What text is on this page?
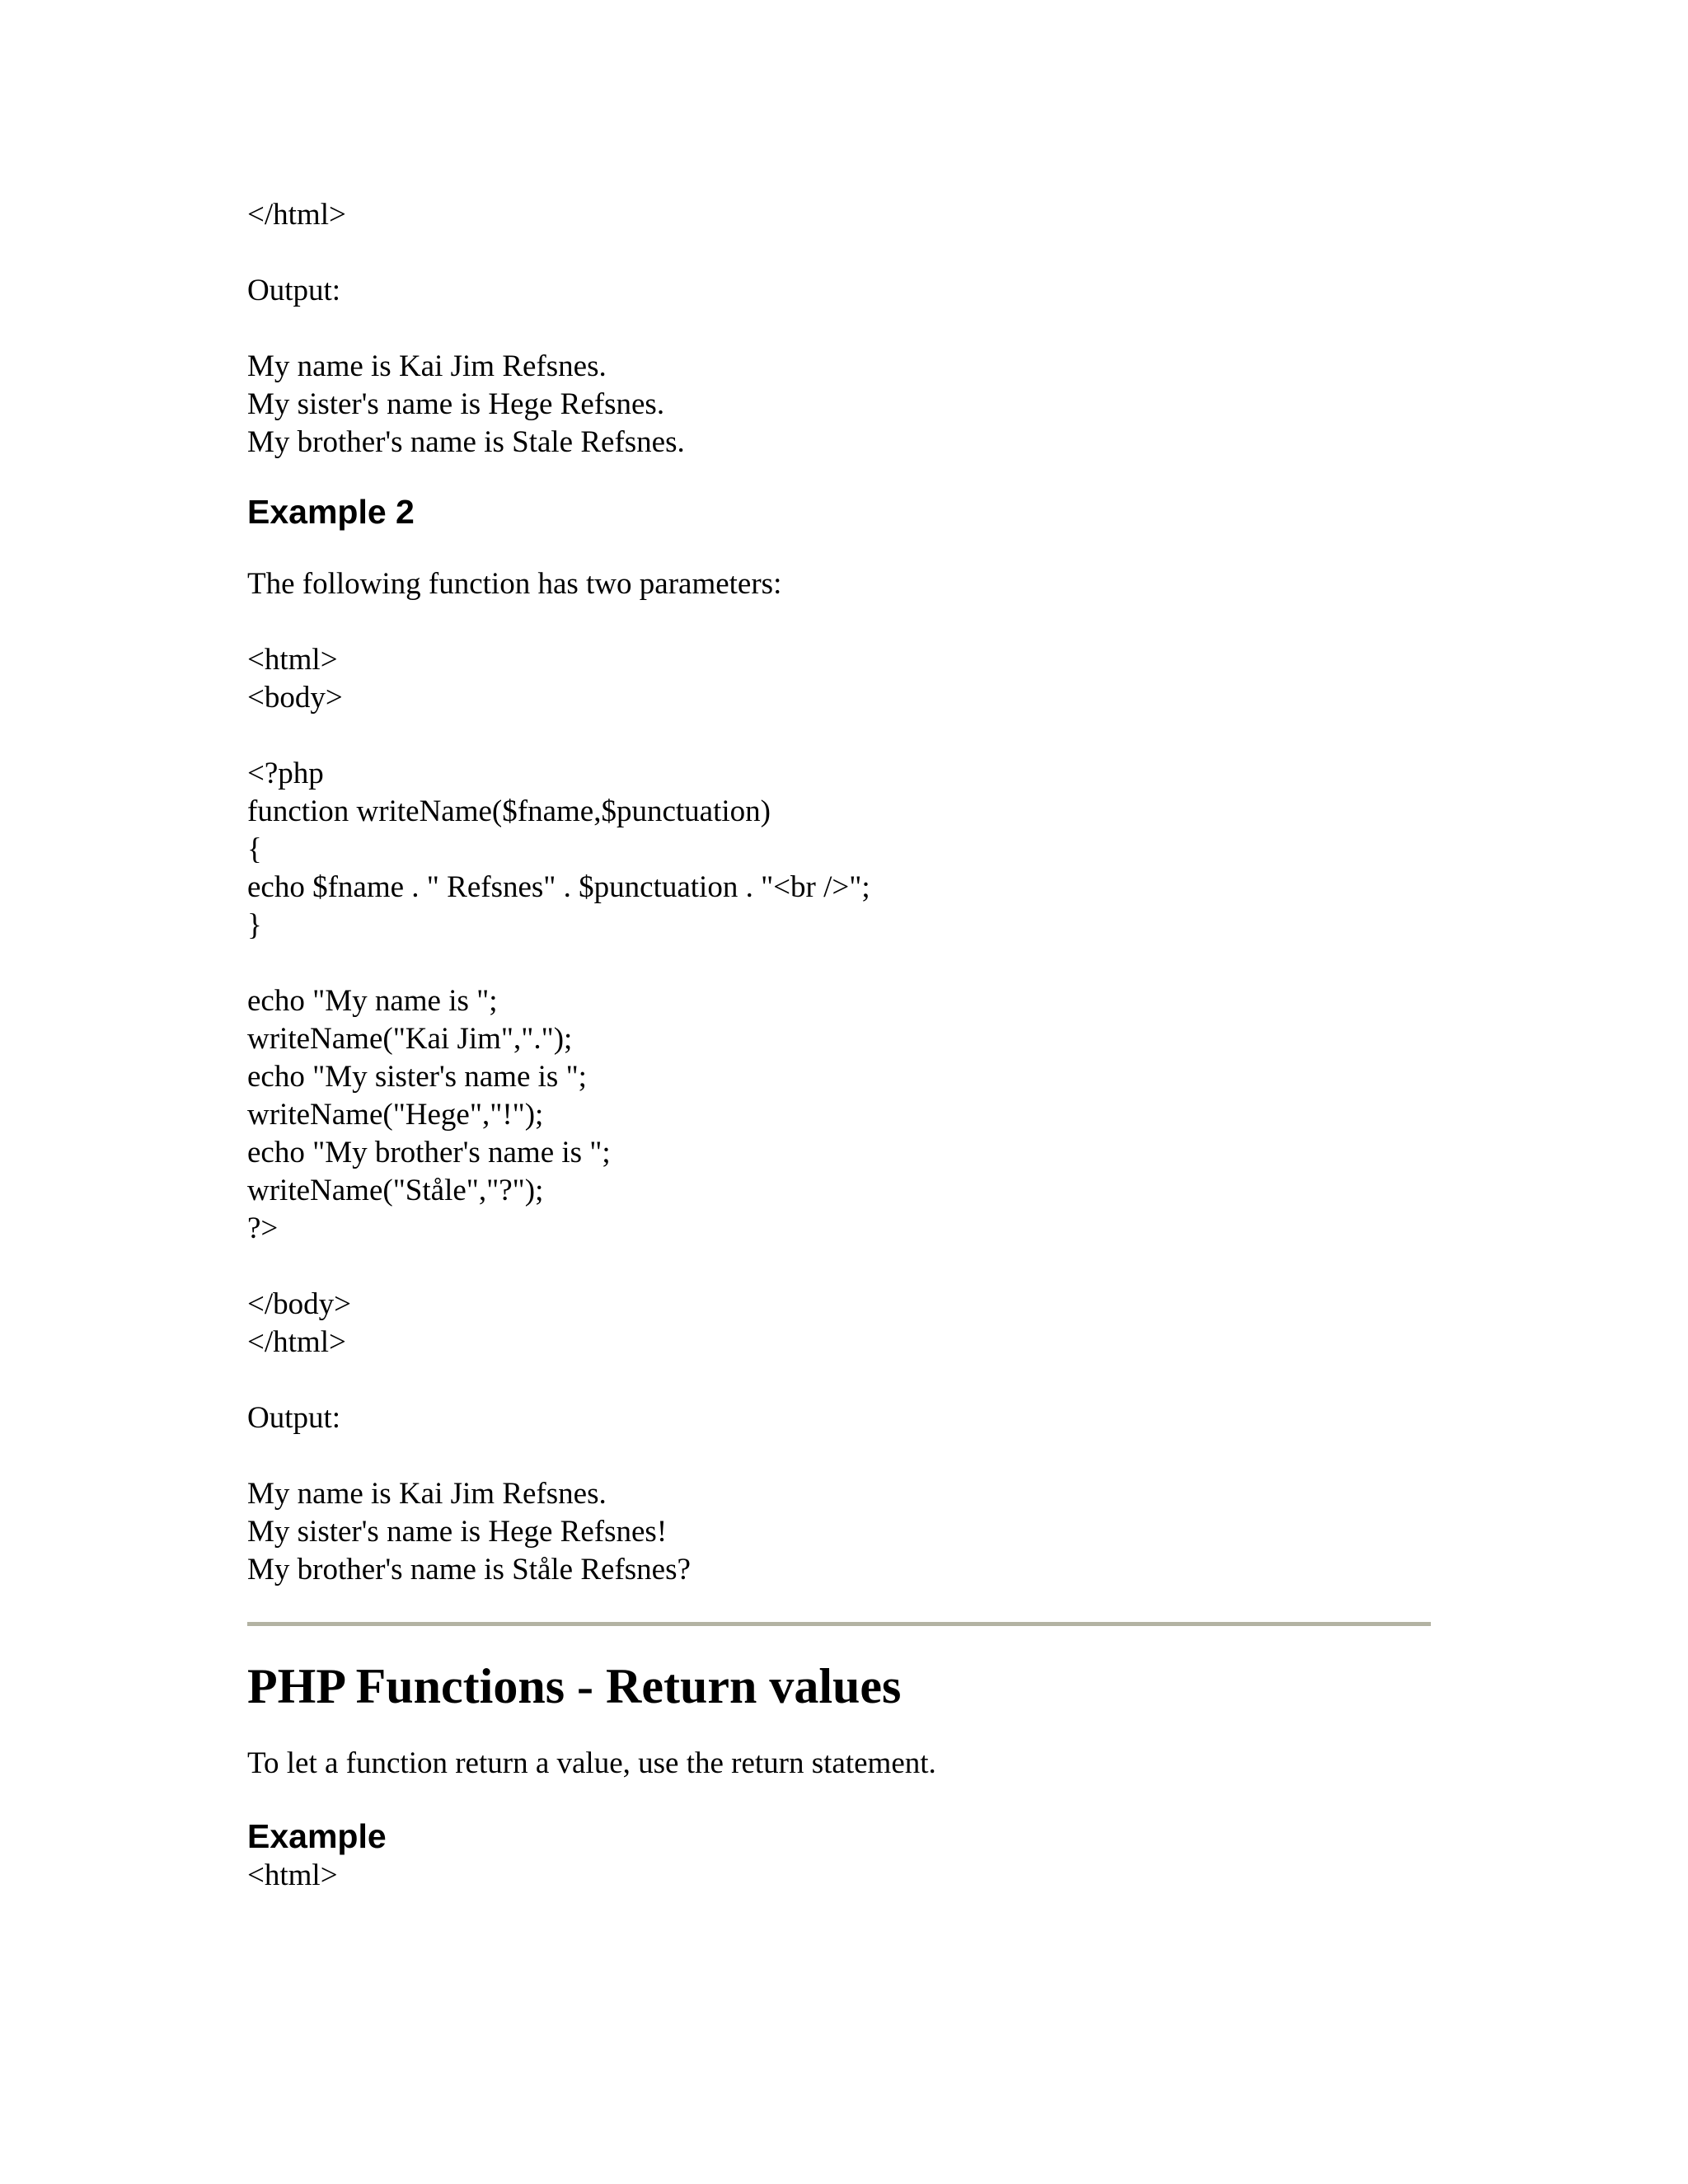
</html>

Output:

My name is Kai Jim Refsnes.
My sister's name is Hege Refsnes.
My brother's name is Stale Refsnes.
Example 2

The following function has two parameters:

<html>
<body>
<?php
function writeName($fname,$punctuation)
{
echo $fname . " Refsnes" . $punctuation . "<br />";
}
echo "My name is ";
writeName("Kai Jim",".");
echo "My sister's name is ";
writeName("Hege","!");
echo "My brother's name is ";
writeName("Ståle","?");
?>
</body>
</html>

Output:

My name is Kai Jim Refsnes.
My sister's name is Hege Refsnes!
My brother's name is Ståle Refsnes?
PHP Functions - Return values

To let a function return a value, use the return statement.

Example
<html>
